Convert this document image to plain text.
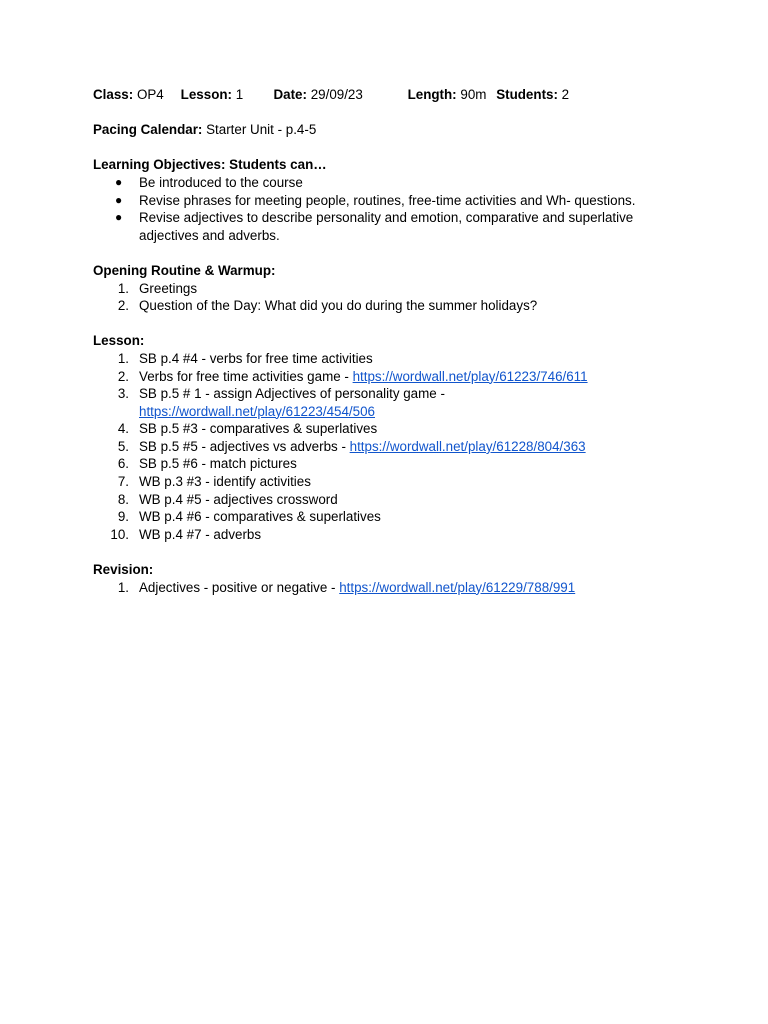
Class: OP4 Lesson: 1 Date: 29/09/23	Length: 90m Students: 2
Pacing Calendar: Starter Unit - p.4-5
Learning Objectives: Students can…
● Be introduced to the course
● Revise phrases for meeting people, routines, free-time activities and Wh- questions.
● Revise adjectives to describe personality and emotion, comparative and superlative
adjectives and adverbs.
Opening Routine & Warmup:
1. Greetings
2. Question of the Day: What did you do during the summer holidays?
Lesson:
1. SB p.4 #4 - verbs for free time activities
2. Verbs for free time activities game - https://wordwall.net/play/61223/746/611
3. SB p.5 # 1 - assign Adjectives of personality game -
https://wordwall.net/play/61223/454/506
4. SB p.5 #3 - comparatives & superlatives
5. SB p.5 #5 - adjectives vs adverbs - https://wordwall.net/play/61228/804/363
6. SB p.5 #6 - match pictures
7. WB p.3 #3 - identify activities
8. WB p.4 #5 - adjectives crossword
9. WB p.4 #6 - comparatives & superlatives
10. WB p.4 #7 - adverbs
Revision:
1. Adjectives - positive or negative - https://wordwall.net/play/61229/788/991
